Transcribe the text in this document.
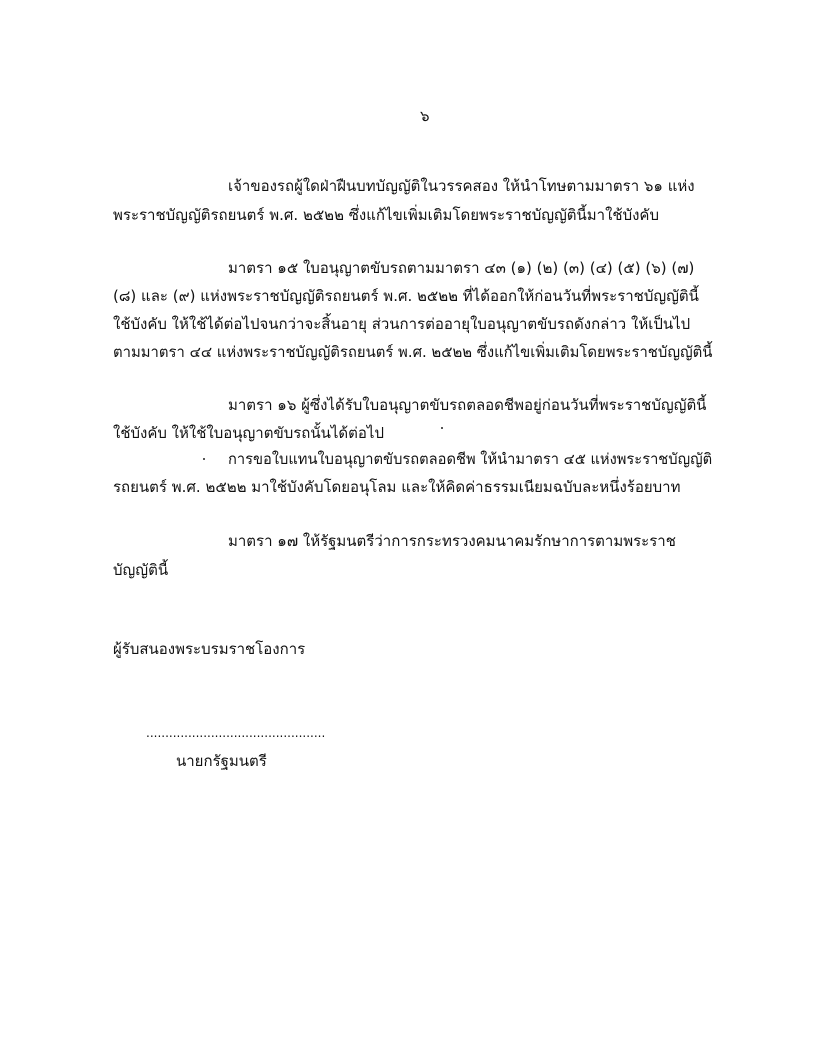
๖
เจ้าของรถผู้ใดฝ่าฝืนบทบัญญัติในวรรคสอง ให้นำโทษตามมาตรา ๖๑ แห่ง
พระราชบัญญัติรถยนตร์ พ.ศ. ๒๕๒๒ ซึ่งแก้ไขเพิ่มเติมโดยพระราชบัญญัตินี้มาใช้บังคับ
มาตรา ๑๕ ใบอนุญาตขับรถตามมาตรา ๔๓ (๑) (๒) (๓) (๔) (๕) (๖) (๗)
(๘) และ (๙) แห่งพระราชบัญญัติรถยนตร์ พ.ศ. ๒๕๒๒ ที่ได้ออกให้ก่อนวันที่พระราชบัญญัตินี้
ใช้บังคับ ให้ใช้ได้ต่อไปจนกว่าจะสิ้นอายุ ส่วนการต่ออายุใบอนุญาตขับรถดังกล่าว ให้เป็นไป
ตามมาตรา ๔๔ แห่งพระราชบัญญัติรถยนตร์ พ.ศ. ๒๕๒๒ ซึ่งแก้ไขเพิ่มเติมโดยพระราชบัญญัตินี้
มาตรา ๑๖ ผู้ซึ่งได้รับใบอนุญาตขับรถตลอดชีพอยู่ก่อนวันที่พระราชบัญญัตินี้
ใช้บังคับ ให้ใช้ใบอนุญาตขับรถนั้นได้ต่อไป
การขอใบแทนใบอนุญาตขับรถตลอดชีพ ให้นำมาตรา ๔๕ แห่งพระราชบัญญัติ
รถยนตร์ พ.ศ. ๒๕๒๒ มาใช้บังคับโดยอนุโลม และให้คิดค่าธรรมเนียมฉบับละหนึ่งร้อยบาท
มาตรา ๑๗ ให้รัฐมนตรีว่าการกระทรวงคมนาคมรักษาการตามพระราช
บัญญัตินี้
ผู้รับสนองพระบรมราชโองการ
...............................................
นายกรัฐมนตรี
